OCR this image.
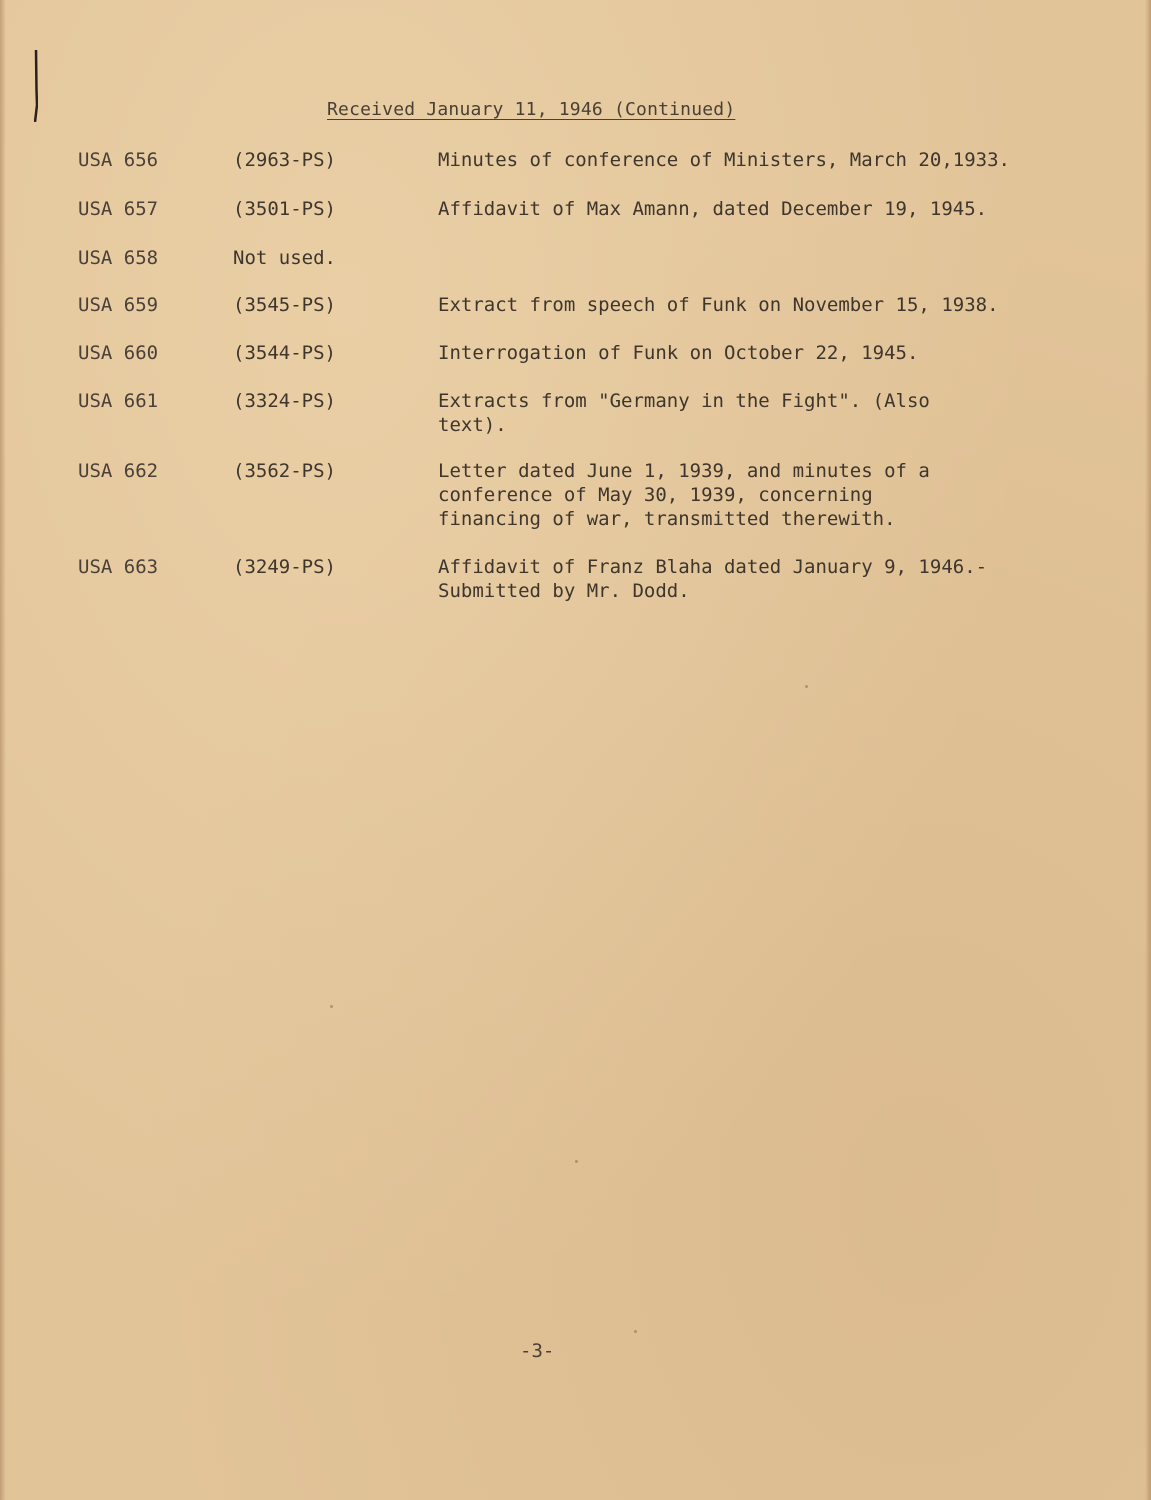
Received January 11, 1946 (Continued)
USA 656	(2963-PS)	Minutes of conference of Ministers, March 20,1933.
USA 657	(3501-PS)	Affidavit of Max Amann, dated December 19, 1945.
USA 658	Not used.
USA 659	(3545-PS)	Extract from speech of Funk on November 15, 1938.
USA 660	(3544-PS)	Interrogation of Funk on October 22, 1945.
USA 661	(3324-PS)	Extracts from "Germany in the Fight". (Also
text).
USA 662	(3562-PS)	Letter dated June 1, 1939, and minutes of a
conference of May 30, 1939, concerning
financing of war, transmitted therewith.
USA 663	(3249-PS)	Affidavit of Franz Blaha dated January 9, 1946.-
Submitted by Mr. Dodd.
-3-
